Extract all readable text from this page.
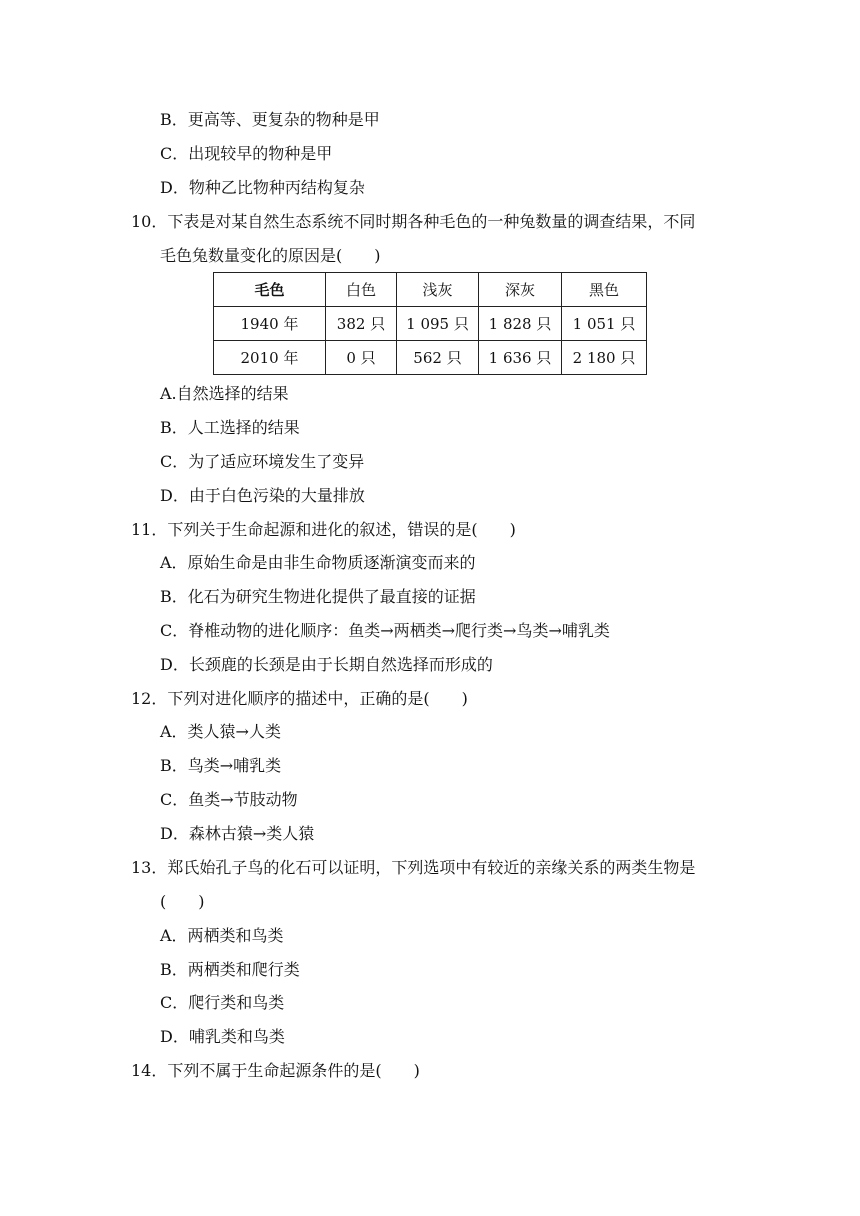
B．更高等、更复杂的物种是甲
C．出现较早的物种是甲
D．物种乙比物种丙结构复杂
10．下表是对某自然生态系统不同时期各种毛色的一种兔数量的调查结果，不同
毛色兔数量变化的原因是(　　)
毛色	白色	浅灰	深灰	黑色
1940 年	382 只	1 095 只	1 828 只	1 051 只
2010 年	0 只	562 只	1 636 只	2 180 只
A.自然选择的结果
B．人工选择的结果
C．为了适应环境发生了变异
D．由于白色污染的大量排放
11．下列关于生命起源和进化的叙述，错误的是(　　)
A．原始生命是由非生命物质逐渐演变而来的
B．化石为研究生物进化提供了最直接的证据
C．脊椎动物的进化顺序：鱼类→两栖类→爬行类→鸟类→哺乳类
D．长颈鹿的长颈是由于长期自然选择而形成的
12．下列对进化顺序的描述中，正确的是(　　)
A．类人猿→人类
B．鸟类→哺乳类
C．鱼类→节肢动物
D．森林古猿→类人猿
13．郑氏始孔子鸟的化石可以证明，下列选项中有较近的亲缘关系的两类生物是
(　　)
A．两栖类和鸟类
B．两栖类和爬行类
C．爬行类和鸟类
D．哺乳类和鸟类
14．下列不属于生命起源条件的是(　　)
